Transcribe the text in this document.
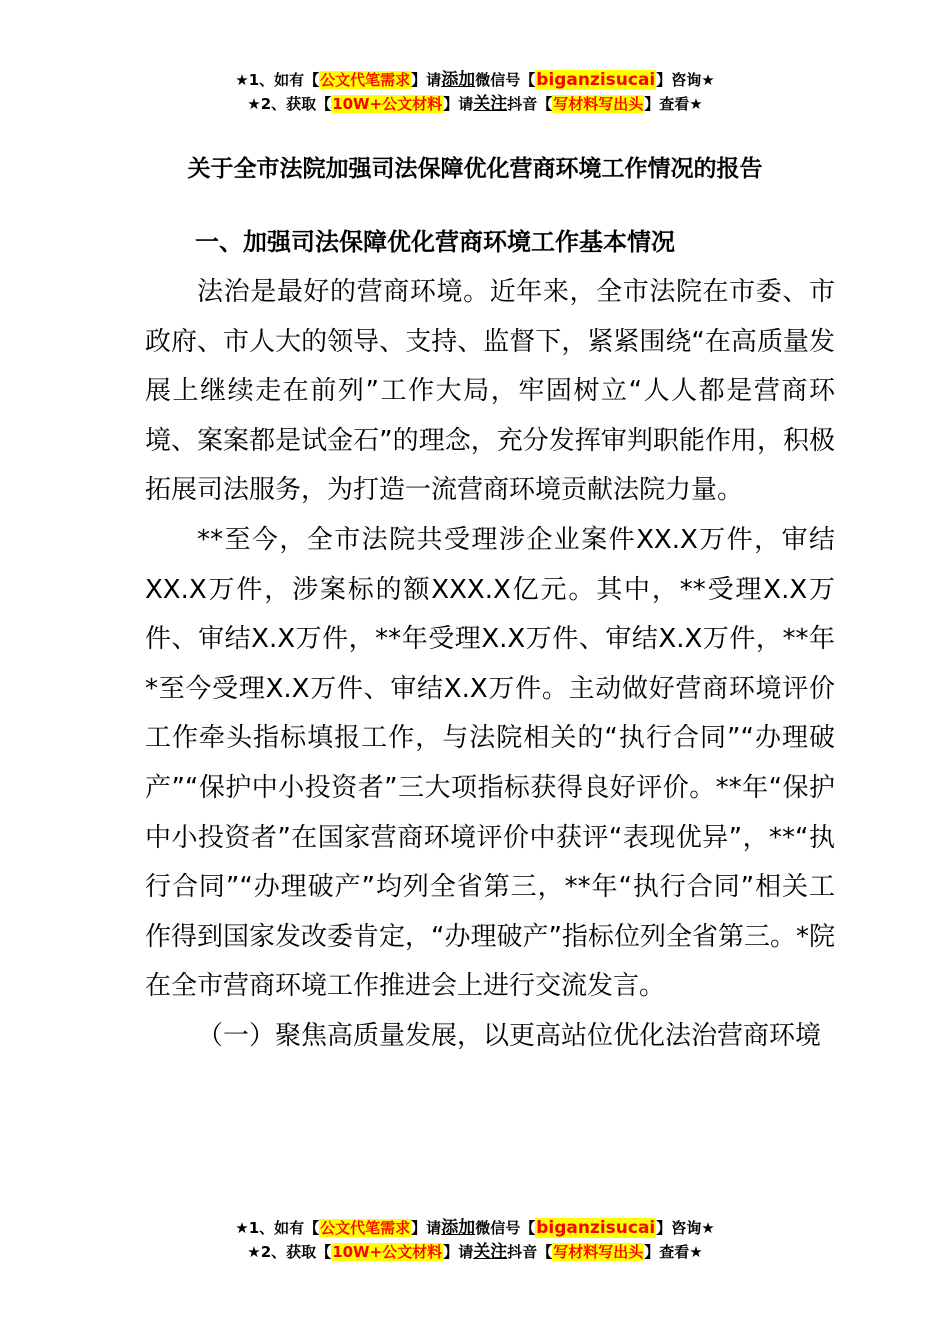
★1、如有【公文代笔需求】请添加微信号【biganzisucai】咨询★
★2、获取【10W+公文材料】请关注抖音【写材料写出头】查看★
关于全市法院加强司法保障优化营商环境工作情况的报告
一、加强司法保障优化营商环境工作基本情况

法治是最好的营商环境。近年来，全市法院在市委、市政府、市人大的领导、支持、监督下，紧紧围绕“在高质量发展上继续走在前列”工作大局，牢固树立“人人都是营商环境、案案都是试金石”的理念，充分发挥审判职能作用，积极拓展司法服务，为打造一流营商环境贡献法院力量。

**至今，全市法院共受理涉企业案件XX.X万件，审结XX.X万件，涉案标的额XXX.X亿元。其中，**受理X.X万件、审结X.X万件，**年受理X.X万件、审结X.X万件，**年*至今受理X.X万件、审结X.X万件。主动做好营商环境评价工作牵头指标填报工作，与法院相关的“执行合同”“办理破产”“保护中小投资者”三大项指标获得良好评价。**年“保护中小投资者”在国家营商环境评价中获评“表现优异”，**“执行合同”“办理破产”均列全省第三，**年“执行合同”相关工作得到国家发改委肯定，“办理破产”指标位列全省第三。*院在全市营商环境工作推进会上进行交流发言。

（一）聚焦高质量发展，以更高站位优化法治营商环境

★1、如有【公文代笔需求】请添加微信号【biganzisucai】咨询★
★2、获取【10W+公文材料】请关注抖音【写材料写出头】查看★
